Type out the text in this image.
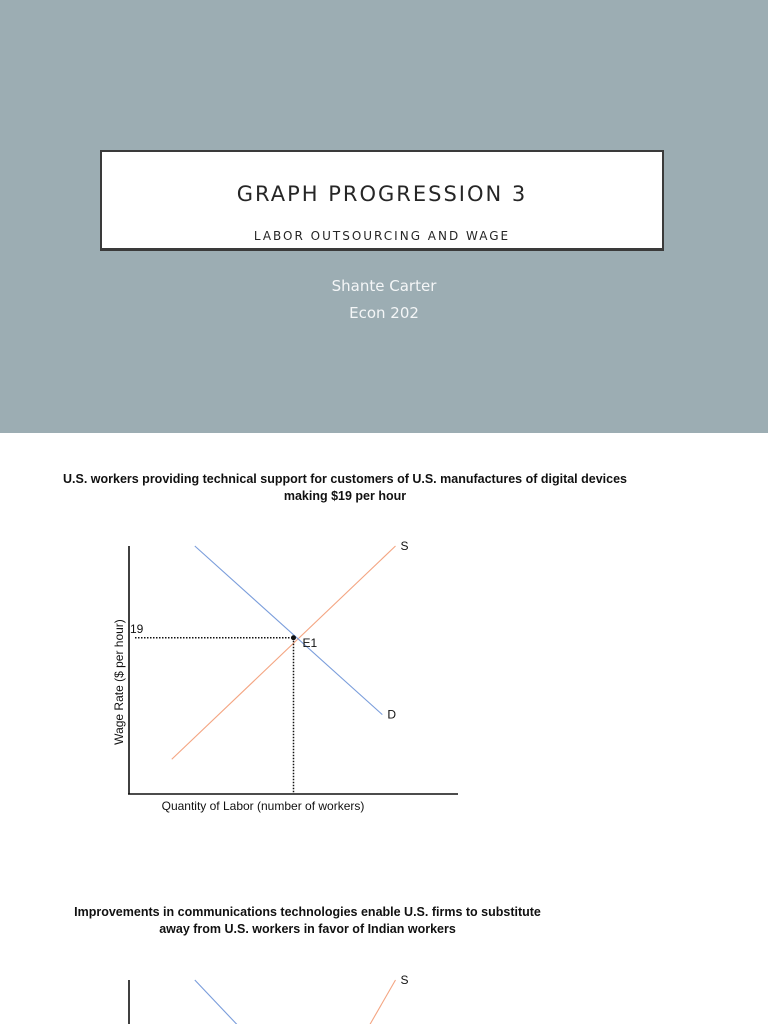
GRAPH PROGRESSION 3
LABOR OUTSOURCING AND WAGE
Shante Carter
Econ 202
U.S. workers providing technical support for customers of U.S. manufactures of digital devices
making $19 per hour
Quantity of Labor (number of workers)
Wage Rate ($ per hour)
S
D
E1
19
Improvements in communications technologies enable U.S. firms to substitute
away from U.S. workers in favor of Indian workers
S
